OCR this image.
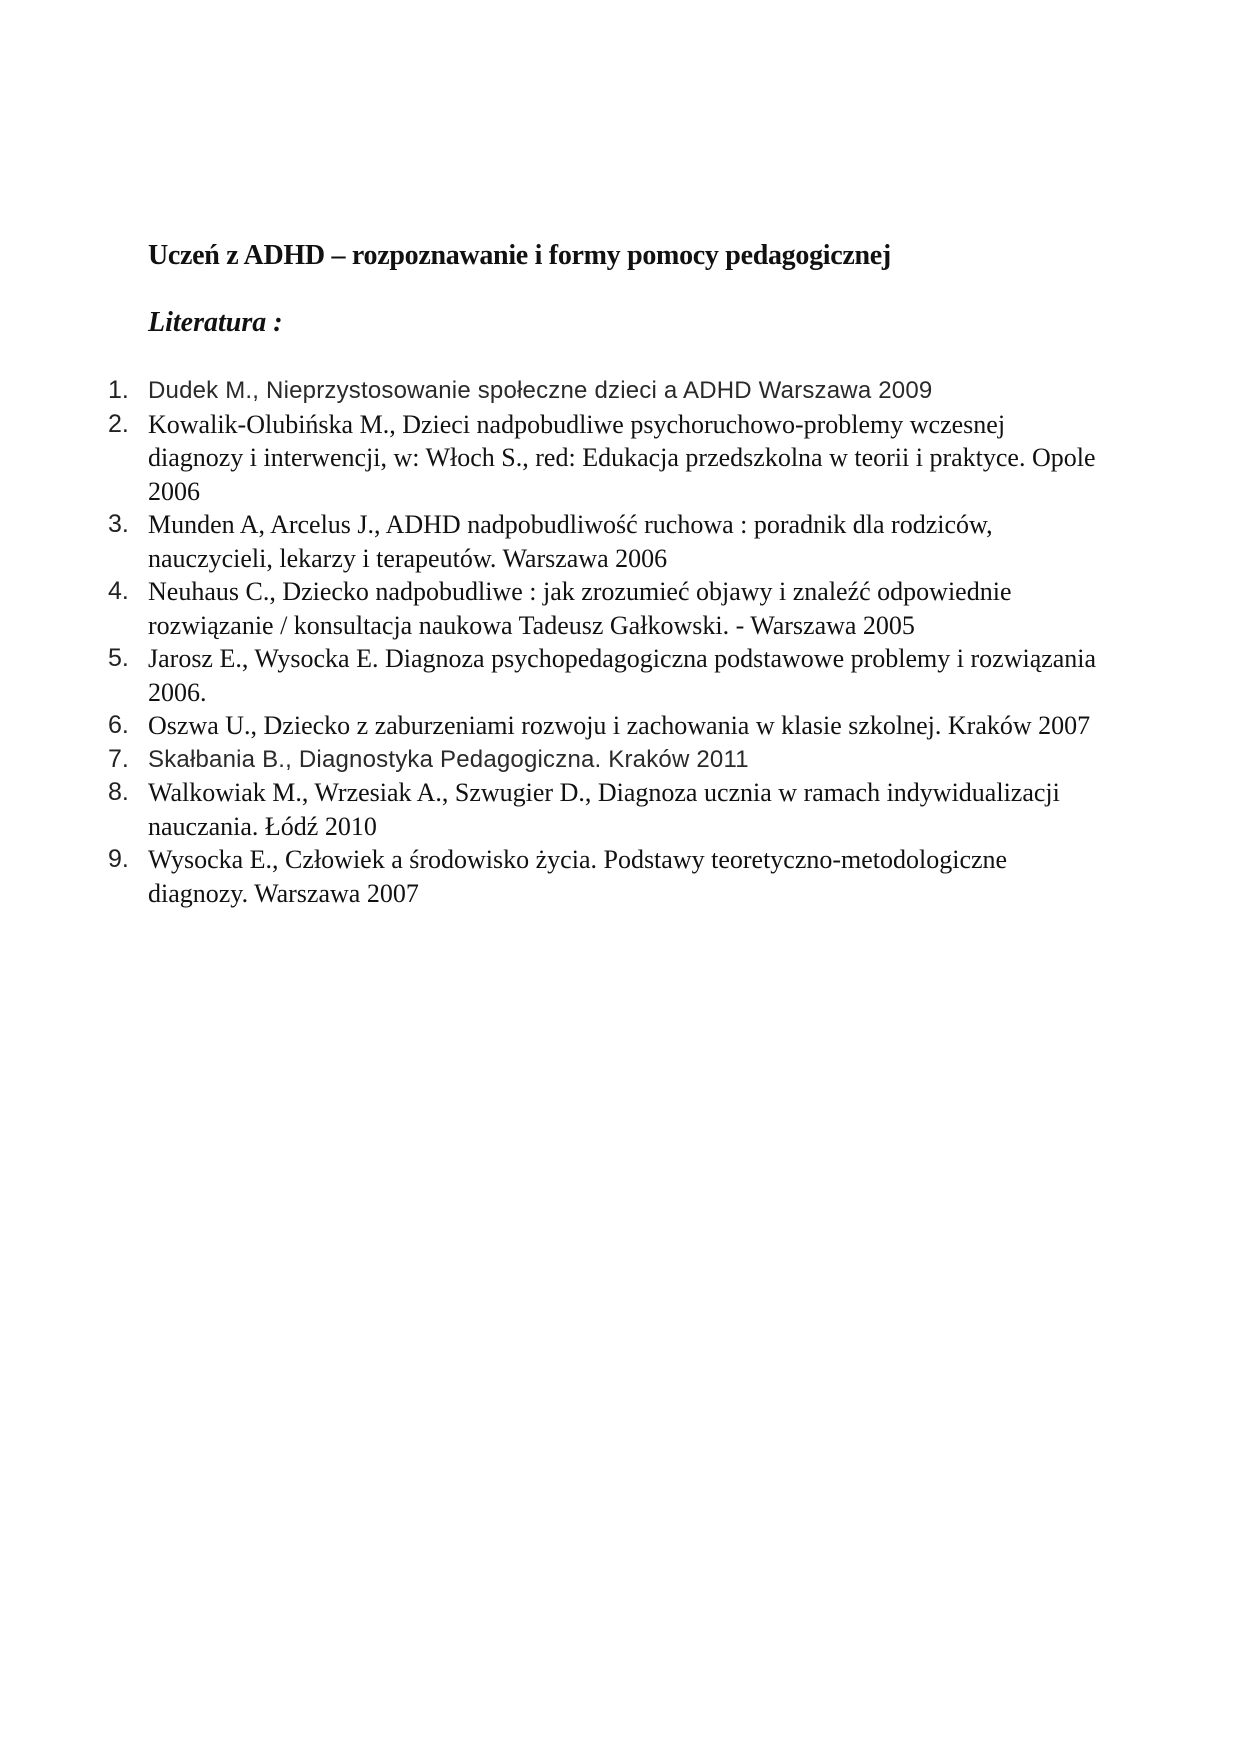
Uczeń z ADHD – rozpoznawanie i formy pomocy pedagogicznej
Literatura :
1. Dudek M., Nieprzystosowanie społeczne dzieci a ADHD Warszawa 2009
2. Kowalik-Olubińska M., Dzieci nadpobudliwe psychoruchowo-problemy wczesnej diagnozy i interwencji, w: Włoch S., red: Edukacja przedszkolna w teorii i praktyce. Opole 2006
3. Munden A, Arcelus J., ADHD nadpobudliwość ruchowa : poradnik dla rodziców, nauczycieli, lekarzy i terapeutów. Warszawa 2006
4. Neuhaus C., Dziecko nadpobudliwe : jak zrozumieć objawy i znaleźć odpowiednie rozwiązanie / konsultacja naukowa Tadeusz Gałkowski. - Warszawa 2005
5. Jarosz E., Wysocka E. Diagnoza psychopedagogiczna podstawowe problemy i rozwiązania 2006.
6. Oszwa U., Dziecko z zaburzeniami rozwoju i zachowania w klasie szkolnej. Kraków 2007
7. Skałbania B., Diagnostyka Pedagogiczna. Kraków 2011
8. Walkowiak M., Wrzesiak A., Szwugier D., Diagnoza ucznia w ramach indywidualizacji nauczania. Łódź 2010
9. Wysocka E., Człowiek a środowisko życia. Podstawy teoretyczno-metodologiczne diagnozy. Warszawa 2007
